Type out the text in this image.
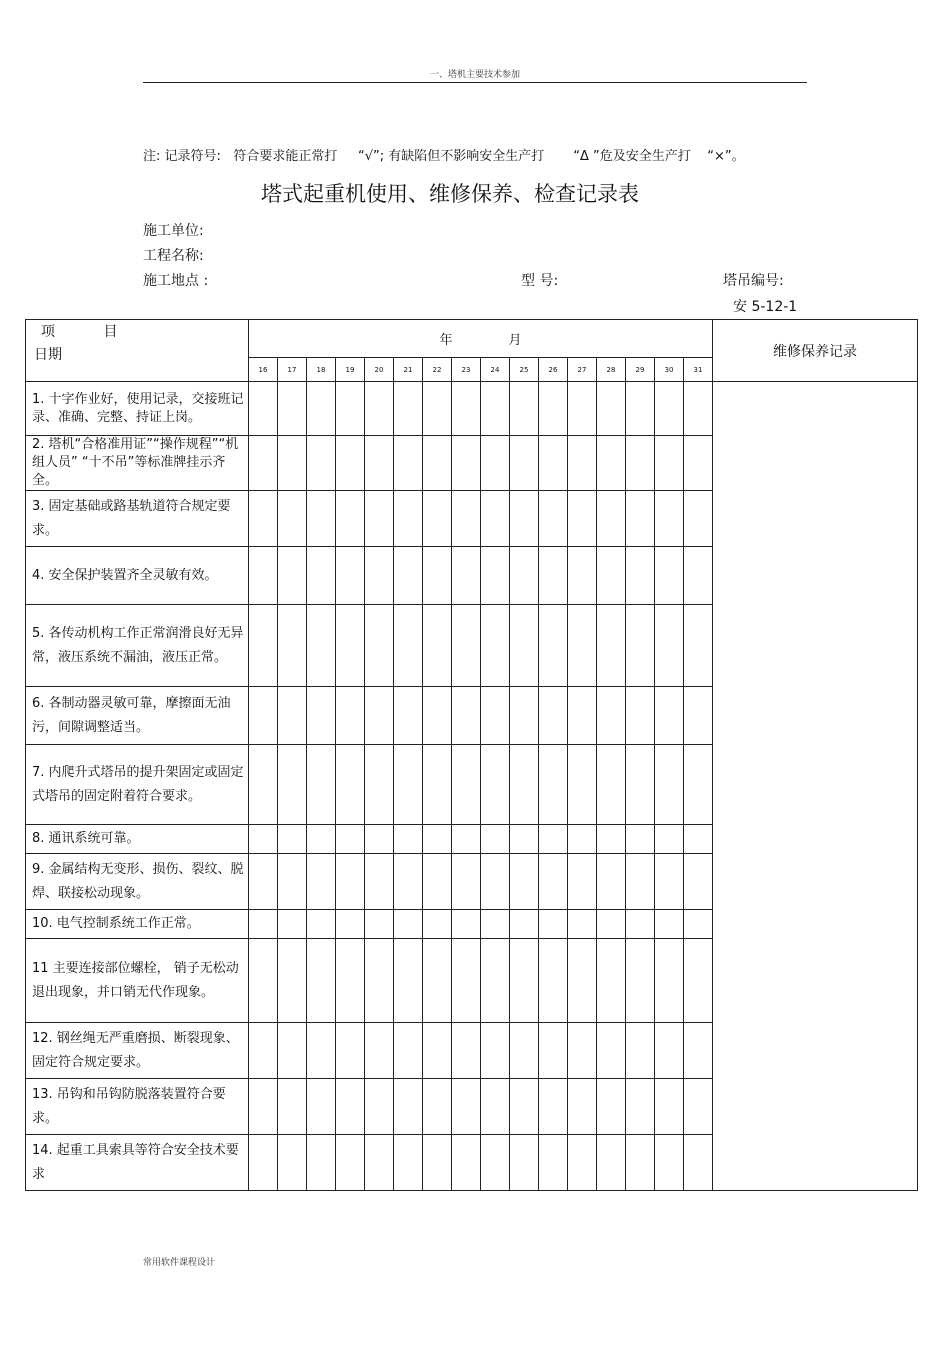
一、塔机主要技术参加
注: 记录符号: 符合要求能正常打 “√”; 有缺陷但不影响安全生产打 “Δ ”危及安全生产打 “×”。
塔式起重机使用、维修保养、检查记录表
施工单位:
工程名称:
施工地点 :	型 号:	塔吊编号:
安 5-12-1
项 目
日期	年 月																维修保养记录
	16	17	18	19	20	21	22	23	24	25	26	27	28	29	30	31	
1. 十字作业好，使用记录，交接班记录、准确、完整、持证上岗。																	
2. 塔机“合格准用证”“操作规程”“机组人员” “十不吊”等标准牌挂示齐全。																	
3. 固定基础或路基轨道符合规定要求。																	
4. 安全保护装置齐全灵敏有效。																	
5. 各传动机构工作正常润滑良好无异常，液压系统不漏油，液压正常。																	
6. 各制动器灵敏可靠，摩擦面无油污，间隙调整适当。																	
7. 内爬升式塔吊的提升架固定或固定式塔吊的固定附着符合要求。																	
8. 通讯系统可靠。																	
9. 金属结构无变形、损伤、裂纹、脱焊、联接松动现象。																	
10. 电气控制系统工作正常。																	
11 主要连接部位螺栓， 销子无松动退出现象，并口销无代作现象。																	
12. 钢丝绳无严重磨损、断裂现象、固定符合规定要求。																	
13. 吊钩和吊钩防脱落装置符合要求。																	
14. 起重工具索具等符合安全技术要求																	
常用软件课程设计
